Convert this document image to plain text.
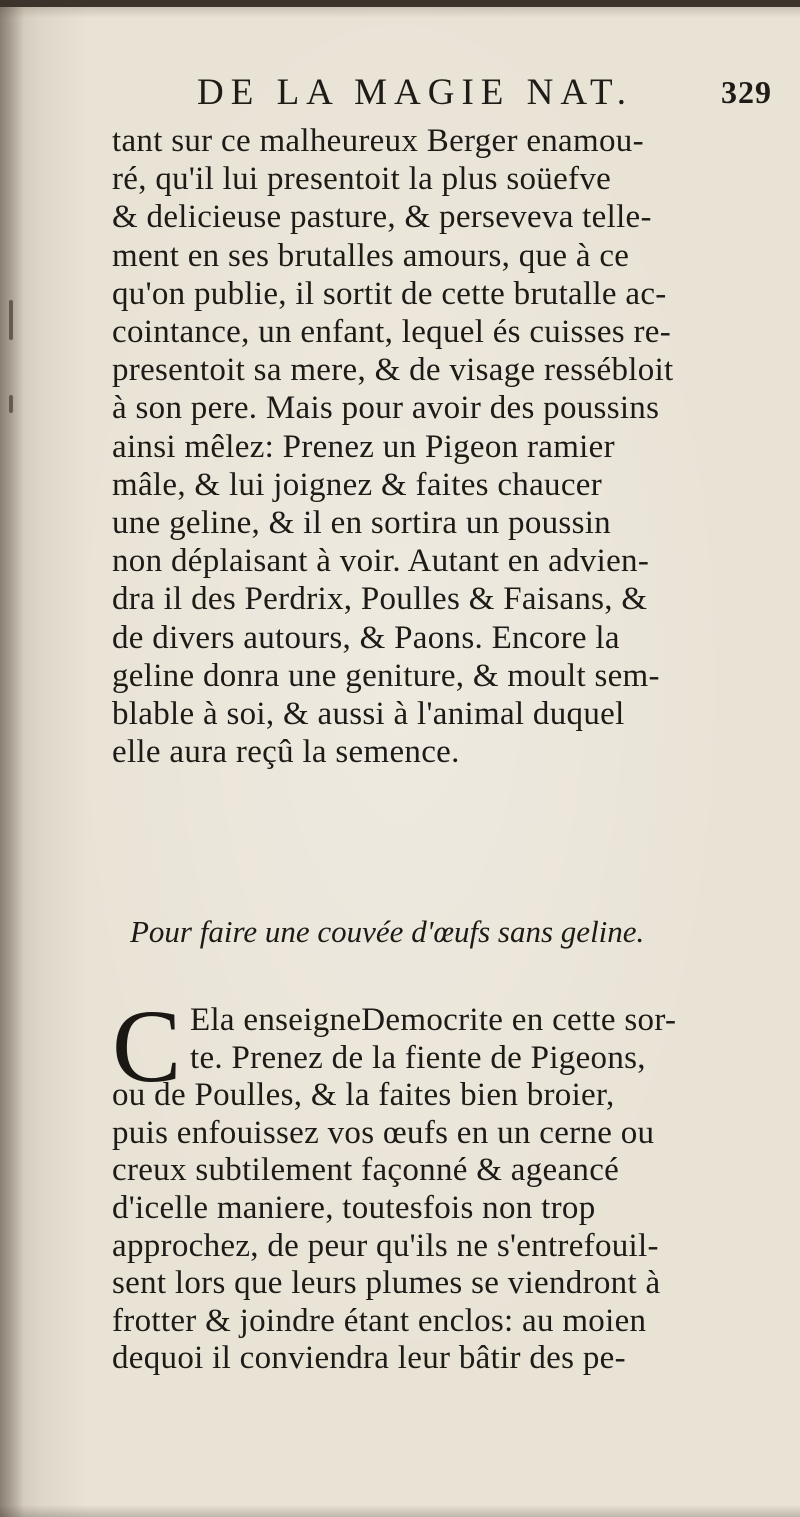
DE LA MAGIE NAT.	329
tant sur ce malheureux Berger enamou-
ré, qu'il lui presentoit la plus soüefve
& delicieuse pasture, & perseveva telle-
ment en ses brutalles amours, que à ce
qu'on publie, il sortit de cette brutalle ac-
cointance, un enfant, lequel és cuisses re-
presentoit sa mere, & de visage ressébloit
à son pere. Mais pour avoir des poussins
ainsi mêlez: Prenez un Pigeon ramier
mâle, & lui joignez & faites chaucer
une geline, & il en sortira un poussin
non déplaisant à voir. Autant en advien-
dra il des Perdrix, Poulles & Faisans, &
de divers autours, & Paons. Encore la
geline donra une geniture, & moult sem-
blable à soi, & aussi à l'animal duquel
elle aura reçû la semence.
Pour faire une couvée d'œufs sans geline.
C Ela enseigneDemocrite en cette sor-
te. Prenez de la fiente de Pigeons,
ou de Poulles, & la faites bien broier,
puis enfouissez vos œufs en un cerne ou
creux subtilement façonné & ageancé
d'icelle maniere, toutesfois non trop
approchez, de peur qu'ils ne s'entrefouil-
sent lors que leurs plumes se viendront à
frotter & joindre étant enclos: au moien
dequoi il conviendra leur bâtir des pe-
